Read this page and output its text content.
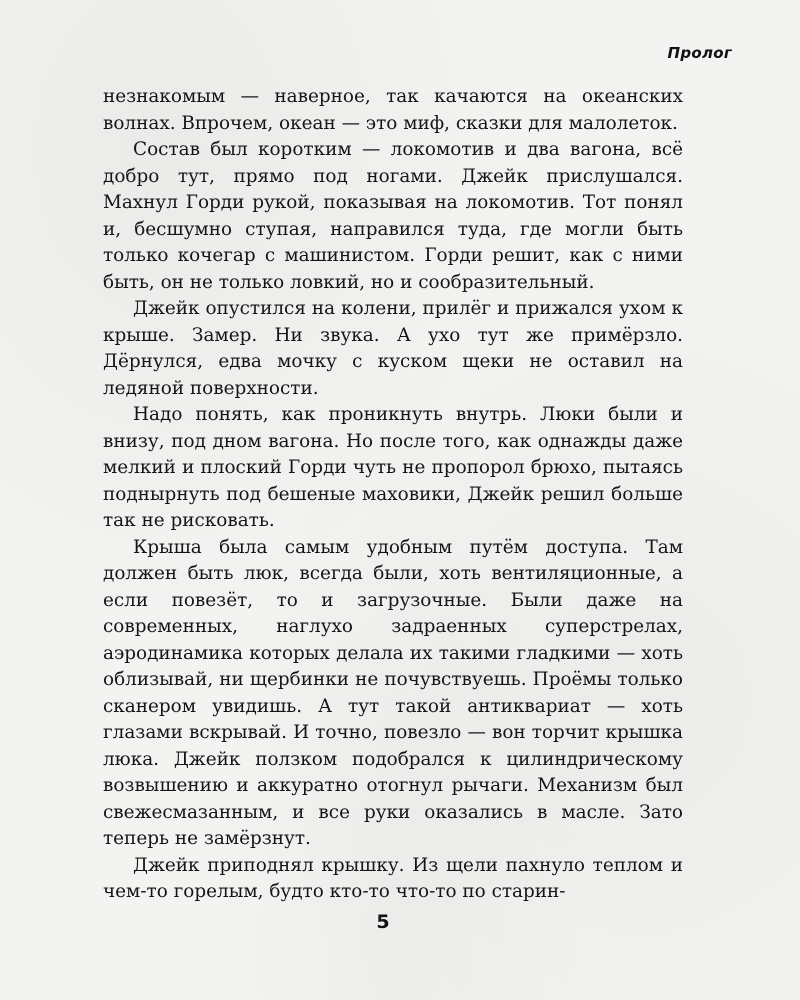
Пролог

незнакомым — наверное, так качаются на океанских волнах. Впрочем, океан — это миф, сказки для малолеток.

Состав был коротким — локомотив и два вагона, всё добро тут, прямо под ногами. Джейк прислушался. Махнул Горди рукой, показывая на локомотив. Тот понял и, бесшумно ступая, направился туда, где могли быть только кочегар с машинистом. Горди решит, как с ними быть, он не только ловкий, но и сообразительный.

Джейк опустился на колени, прилёг и прижался ухом к крыше. Замер. Ни звука. А ухо тут же примёрзло. Дёрнулся, едва мочку с куском щеки не оставил на ледяной поверхности.

Надо понять, как проникнуть внутрь. Люки были и внизу, под дном вагона. Но после того, как однажды даже мелкий и плоский Горди чуть не пропорол брюхо, пытаясь поднырнуть под бешеные маховики, Джейк решил больше так не рисковать.

Крыша была самым удобным путём доступа. Там должен быть люк, всегда были, хоть вентиляционные, а если повезёт, то и загрузочные. Были даже на современных, наглухо задраенных суперстрелах, аэродинамика которых делала их такими гладкими — хоть облизывай, ни щербинки не почувствуешь. Проёмы только сканером увидишь. А тут такой антиквариат — хоть глазами вскрывай. И точно, повезло — вон торчит крышка люка. Джейк ползком подобрался к цилиндрическому возвышению и аккуратно отогнул рычаги. Механизм был свежесмазанным, и все руки оказались в масле. Зато теперь не замёрзнут.

Джейк приподнял крышку. Из щели пахнуло теплом и чем-то горелым, будто кто-то что-то по старин-

5
